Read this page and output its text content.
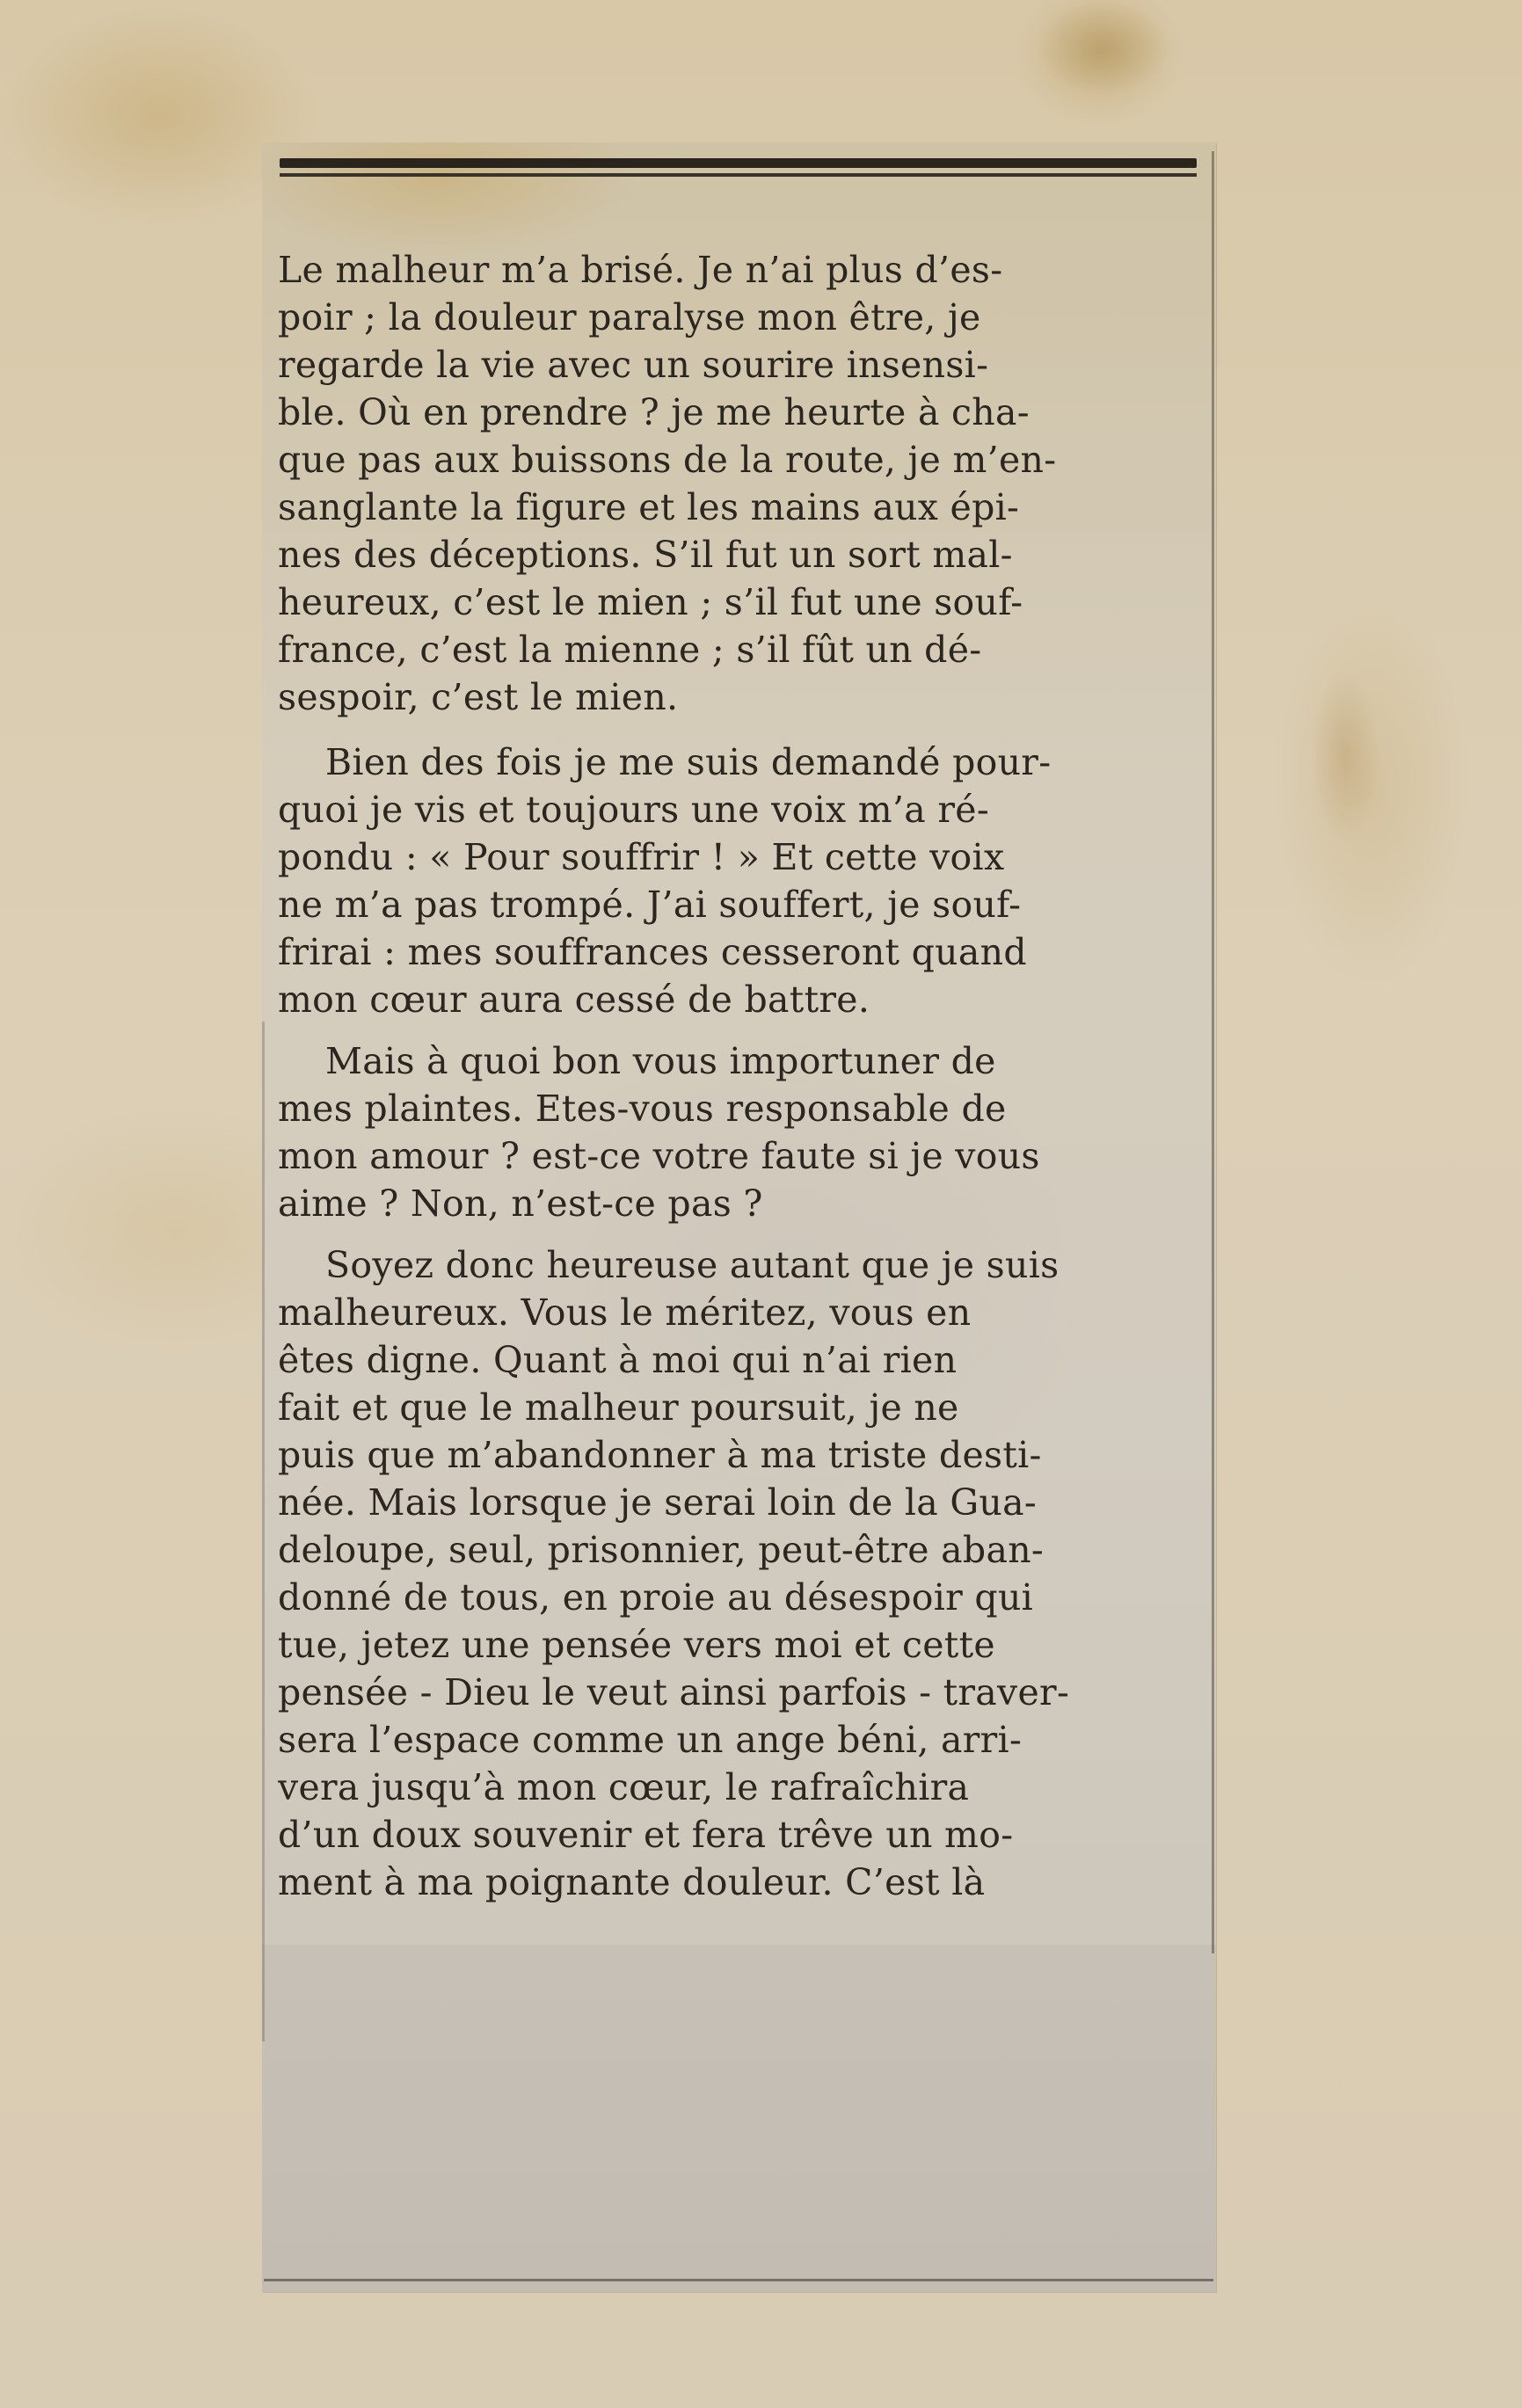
Le malheur m’a brisé. Je n’ai plus d’es-
poir ; la douleur paralyse mon être, je
regarde la vie avec un sourire insensi-
ble. Où en prendre ? je me heurte à cha-
que pas aux buissons de la route, je m’en-
sanglante la figure et les mains aux épi-
nes des déceptions. S’il fut un sort mal-
heureux, c’est le mien ; s’il fut une souf-
france, c’est la mienne ; s’il fût un dé-
sespoir, c’est le mien.

Bien des fois je me suis demandé pour-
quoi je vis et toujours une voix m’a ré-
pondu : « Pour souffrir ! » Et cette voix
ne m’a pas trompé. J’ai souffert, je souf-
frirai : mes souffrances cesseront quand
mon cœur aura cessé de battre.

Mais à quoi bon vous importuner de
mes plaintes. Etes-vous responsable de
mon amour ? est-ce votre faute si je vous
aime ? Non, n’est-ce pas ?

Soyez donc heureuse autant que je suis
malheureux. Vous le méritez, vous en
êtes digne. Quant à moi qui n’ai rien
fait et que le malheur poursuit, je ne
puis que m’abandonner à ma triste desti-
née. Mais lorsque je serai loin de la Gua-
deloupe, seul, prisonnier, peut-être aban-
donné de tous, en proie au désespoir qui
tue, jetez une pensée vers moi et cette
pensée - Dieu le veut ainsi parfois - traver-
sera l’espace comme un ange béni, arri-
vera jusqu’à mon cœur, le rafraîchira
d’un doux souvenir et fera trêve un mo-
ment à ma poignante douleur. C’est là
